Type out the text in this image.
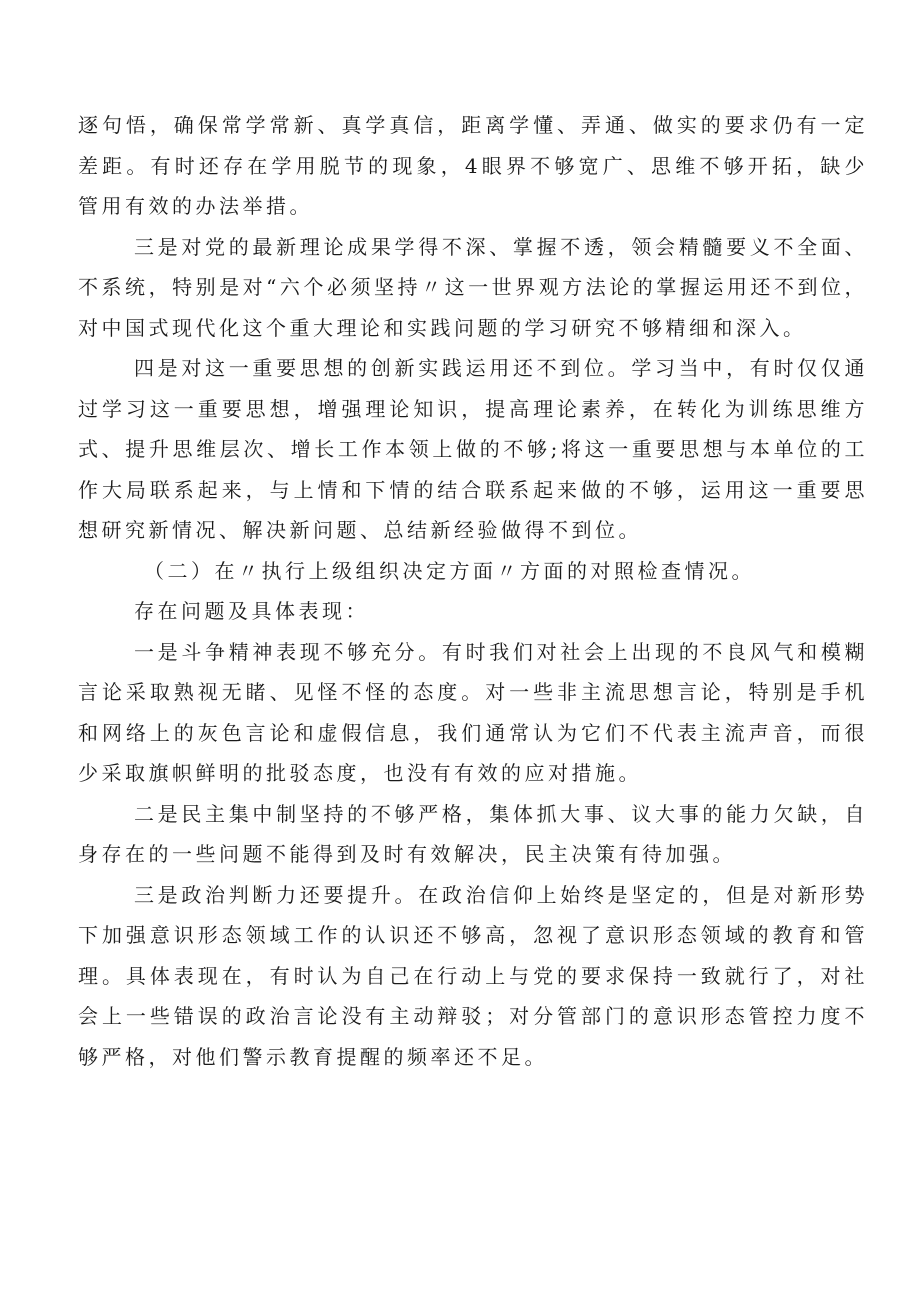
逐句悟，确保常学常新、真学真信，距离学懂、弄通、做实的要求仍有一定差距。有时还存在学用脱节的现象，4眼界不够宽广、思维不够开拓，缺少管用有效的办法举措。

三是对党的最新理论成果学得不深、掌握不透，领会精髓要义不全面、不系统，特别是对“六个必须坚持〃这一世界观方法论的掌握运用还不到位，对中国式现代化这个重大理论和实践问题的学习研究不够精细和深入。

四是对这一重要思想的创新实践运用还不到位。学习当中，有时仅仅通过学习这一重要思想，增强理论知识，提高理论素养，在转化为训练思维方式、提升思维层次、增长工作本领上做的不够;将这一重要思想与本单位的工作大局联系起来，与上情和下情的结合联系起来做的不够，运用这一重要思想研究新情况、解决新问题、总结新经验做得不到位。

（二）在〃执行上级组织决定方面〃方面的对照检查情况。

存在问题及具体表现：

一是斗争精神表现不够充分。有时我们对社会上出现的不良风气和模糊言论采取熟视无睹、见怪不怪的态度。对一些非主流思想言论，特别是手机和网络上的灰色言论和虚假信息，我们通常认为它们不代表主流声音，而很少采取旗帜鲜明的批驳态度，也没有有效的应对措施。

二是民主集中制坚持的不够严格，集体抓大事、议大事的能力欠缺，自身存在的一些问题不能得到及时有效解决，民主决策有待加强。

三是政治判断力还要提升。在政治信仰上始终是坚定的，但是对新形势下加强意识形态领域工作的认识还不够高，忽视了意识形态领域的教育和管理。具体表现在，有时认为自己在行动上与党的要求保持一致就行了，对社会上一些错误的政治言论没有主动辩驳；对分管部门的意识形态管控力度不够严格，对他们警示教育提醒的频率还不足。
